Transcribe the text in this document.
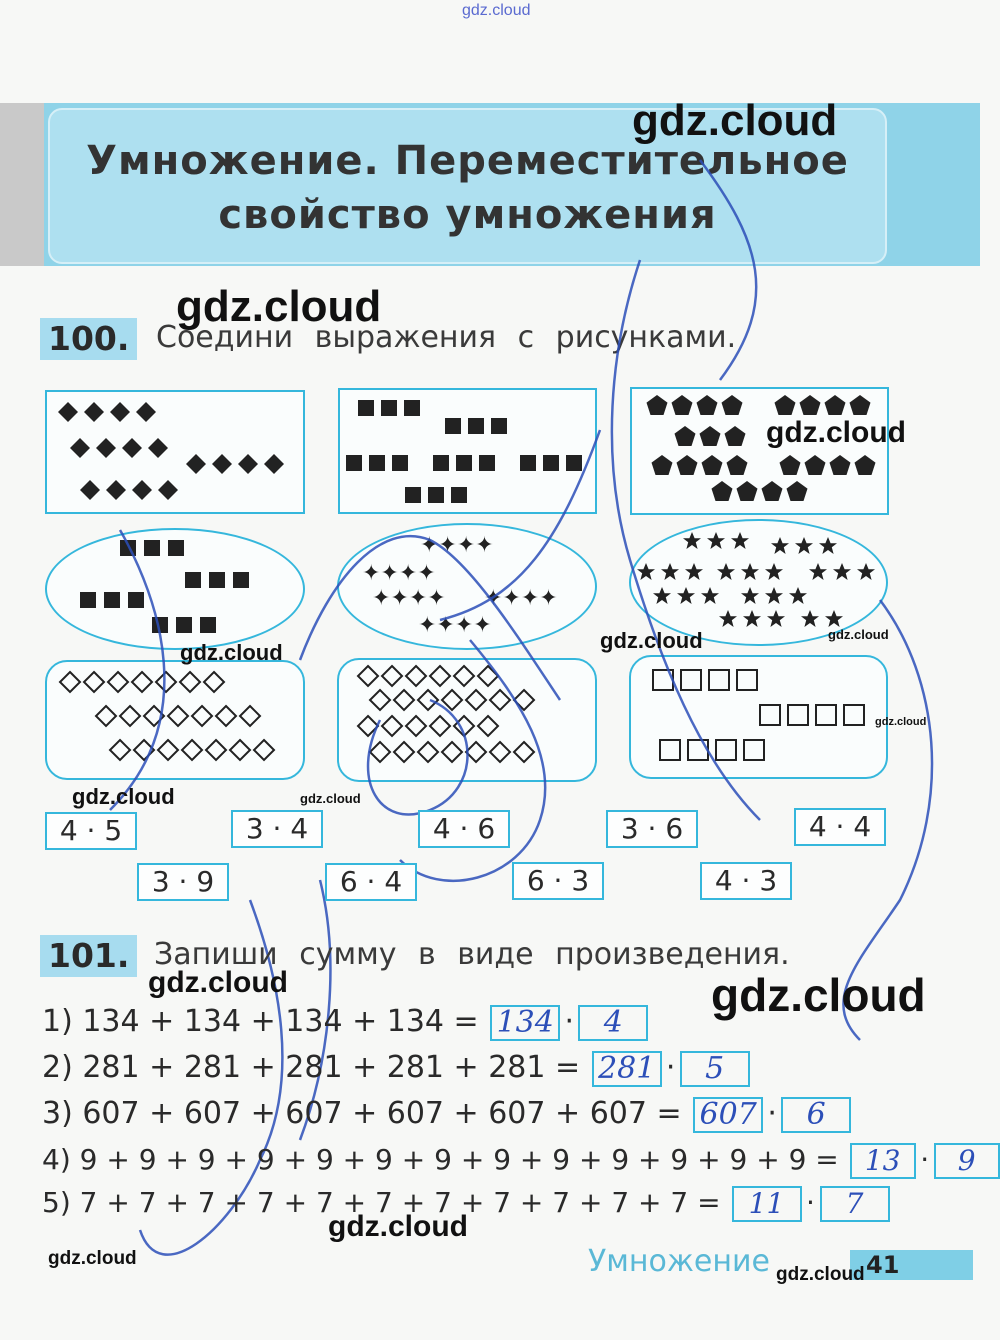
gdz.cloud
Умножение. Переместительное
свойство умножения
100. Соедини выражения с рисунками.
✦✦✦✦
✦✦✦✦
✦✦✦✦ ✦✦✦✦
✦✦✦✦
4 · 5	3 · 4	4 · 6	3 · 6	4 · 4
3 · 9	6 · 4	6 · 3	4 · 3
101. Запиши сумму в виде произведения.
1) 134 + 134 + 134 + 134 = 134 · 4
2) 281 + 281 + 281 + 281 + 281 = 281 · 5
3) 607 + 607 + 607 + 607 + 607 + 607 = 607 · 6
4) 9 + 9 + 9 + 9 + 9 + 9 + 9 + 9 + 9 + 9 + 9 + 9 + 9 = 13 · 9
5) 7 + 7 + 7 + 7 + 7 + 7 + 7 + 7 + 7 + 7 + 7 = 11 · 7
Умножение	41
gdz.cloud
gdz.cloud
gdz.cloud
gdz.cloud	gdz.cloud
gdz.cloud
gdz.cloud
gdz.cloud	gdz.cloud
gdz.cloud	gdz.cloud
gdz.cloud
gdz.cloud
gdz.cloud
